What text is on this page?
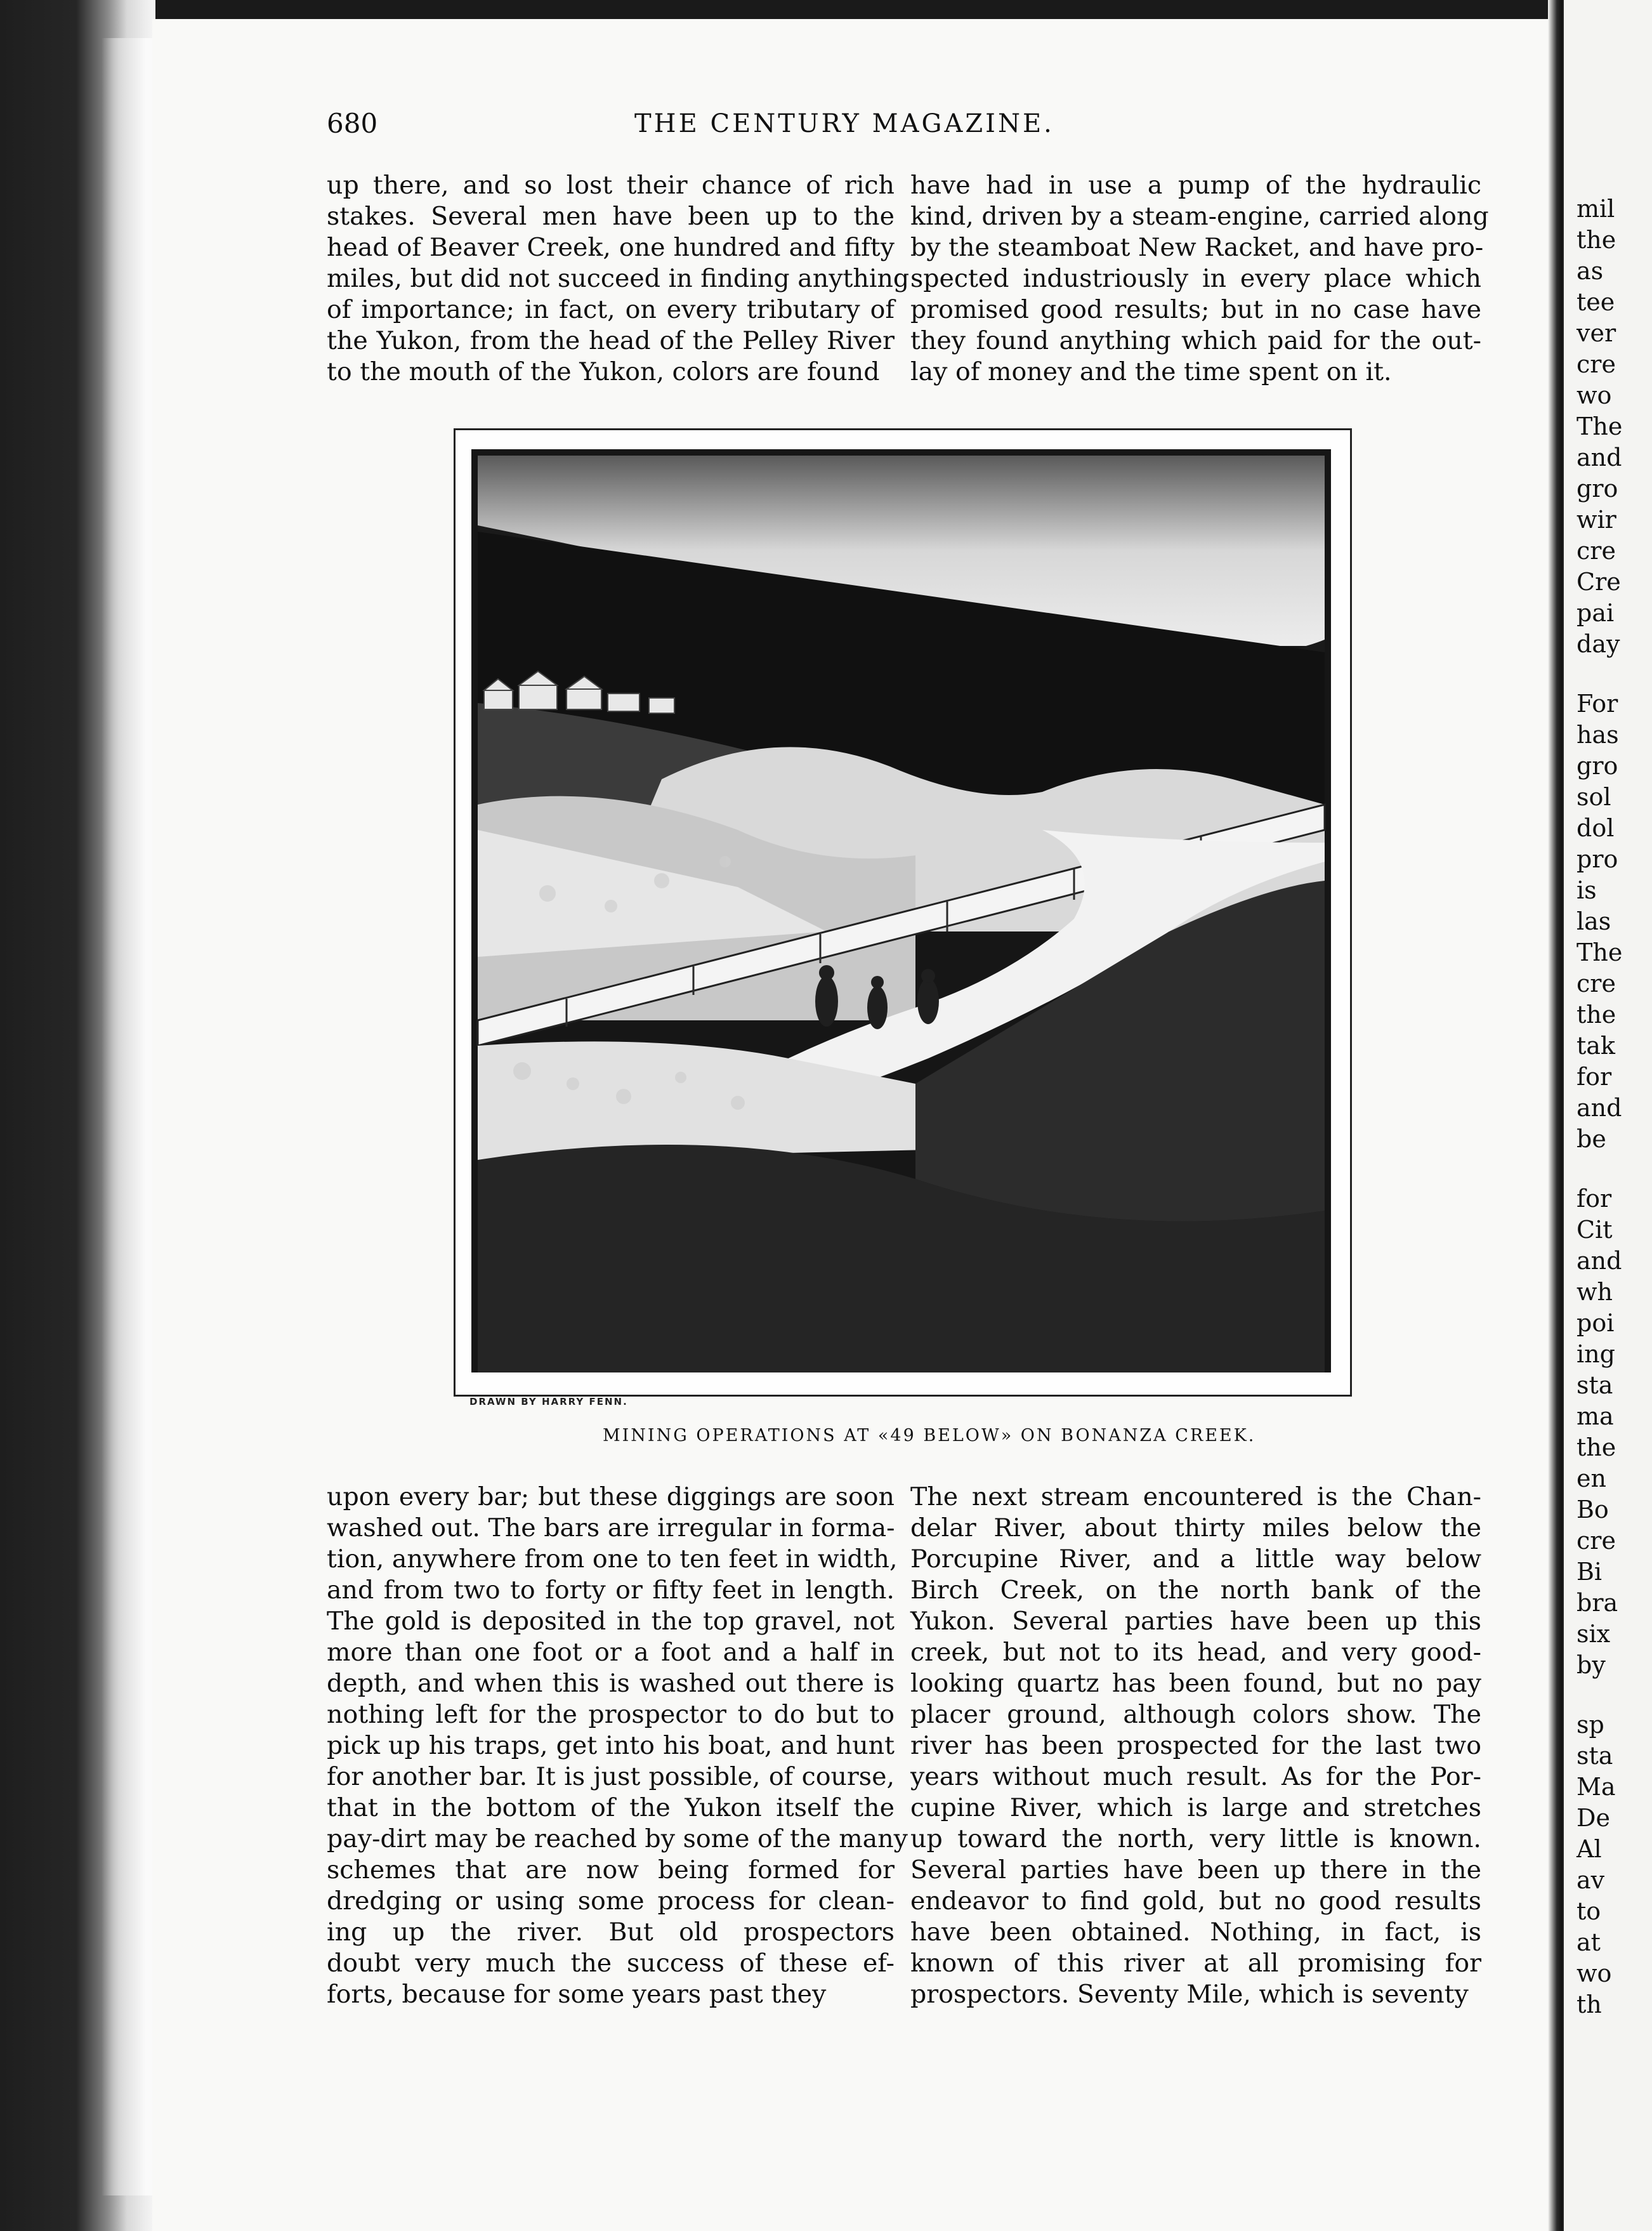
680	THE CENTURY MAGAZINE.
up there, and so lost their chance of rich
stakes. Several men have been up to the
head of Beaver Creek, one hundred and fifty
miles, but did not succeed in finding anything
of importance; in fact, on every tributary of
the Yukon, from the head of the Pelley River
to the mouth of the Yukon, colors are found
have had in use a pump of the hydraulic
kind, driven by a steam-engine, carried along
by the steamboat New Racket, and have pro-
spected industriously in every place which
promised good results; but in no case have
they found anything which paid for the out-
lay of money and the time spent on it.
DRAWN BY HARRY FENN.
MINING OPERATIONS AT «49 BELOW» ON BONANZA CREEK.
upon every bar; but these diggings are soon
washed out. The bars are irregular in forma-
tion, anywhere from one to ten feet in width,
and from two to forty or fifty feet in length.
The gold is deposited in the top gravel, not
more than one foot or a foot and a half in
depth, and when this is washed out there is
nothing left for the prospector to do but to
pick up his traps, get into his boat, and hunt
for another bar. It is just possible, of course,
that in the bottom of the Yukon itself the
pay-dirt may be reached by some of the many
schemes that are now being formed for
dredging or using some process for clean-
ing up the river. But old prospectors
doubt very much the success of these ef-
forts, because for some years past they
The next stream encountered is the Chan-
delar River, about thirty miles below the
Porcupine River, and a little way below
Birch Creek, on the north bank of the
Yukon. Several parties have been up this
creek, but not to its head, and very good-
looking quartz has been found, but no pay
placer ground, although colors show. The
river has been prospected for the last two
years without much result. As for the Por-
cupine River, which is large and stretches
up toward the north, very little is known.
Several parties have been up there in the
endeavor to find gold, but no good results
have been obtained. Nothing, in fact, is
known of this river at all promising for
prospectors. Seventy Mile, which is seventy
mil
the
as
tee
ver
cre
wo
The
and
gro
wir
cre
Cre
pai
day
For
has
gro
sol
dol
pro
is
las
The
cre
the
tak
for
and
be
for
Cit
and
wh
poi
ing
sta
ma
the
en
Bo
cre
Bi
bra
six
by
sp
sta
Ma
De
Al
av
to
at
wo
th
